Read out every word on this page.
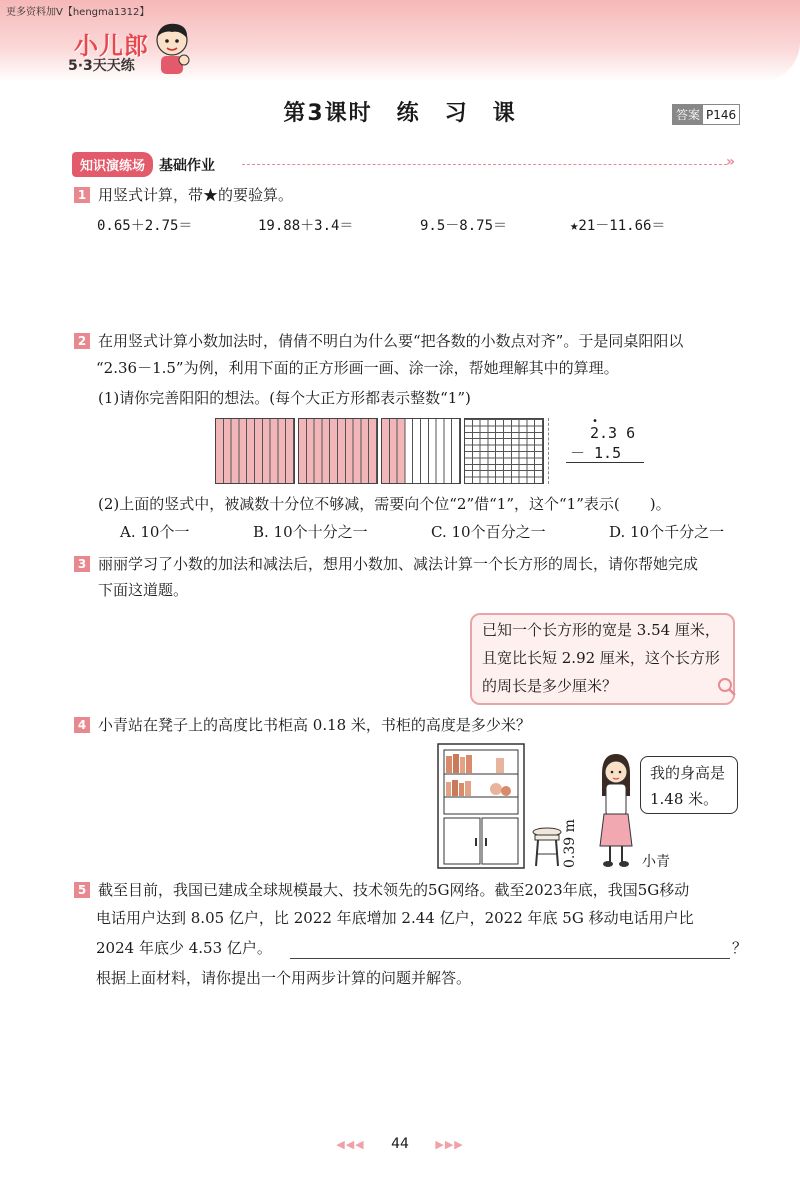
更多资料加V【hengma1312】
小儿郎
5·3天天练
第3课时　练　习　课	答案 P146
知识演练场 基础作业	»
1 用竖式计算，带★的要验算。
0.65＋2.75＝	19.88＋3.4＝	9.5－8.75＝	★21－11.66＝
2 在用竖式计算小数加法时，倩倩不明白为什么要“把各数的小数点对齐”。于是同桌阳阳以
“2.36－1.5”为例，利用下面的正方形画一画、涂一涂，帮她理解其中的算理。
(1)请你完善阳阳的想法。(每个大正方形都表示整数“1”)
•
2.3 6
－ 1.5
(2)上面的竖式中，被减数十分位不够减，需要向个位“2”借“1”，这个“1”表示(　　)。
A. 10个一	B. 10个十分之一	C. 10个百分之一	D. 10个千分之一
3 丽丽学习了小数的加法和减法后，想用小数加、减法计算一个长方形的周长，请你帮她完成
下面这道题。
已知一个长方形的宽是 3.54 厘米，
且宽比长短 2.92 厘米，这个长方形
的周长是多少厘米？
4 小青站在凳子上的高度比书柜高 0.18 米，书柜的高度是多少米？
0.39 m
我的身高是
1.48 米。
小青
5 截至目前，我国已建成全球规模最大、技术领先的5G网络。截至2023年底，我国5G移动
电话用户达到 8.05 亿户，比 2022 年底增加 2.44 亿户，2022 年底 5G 移动电话用户比
2024 年底少 4.53 亿户。	？
根据上面材料，请你提出一个用两步计算的问题并解答。
◀◀◀ 44 ▶▶▶
